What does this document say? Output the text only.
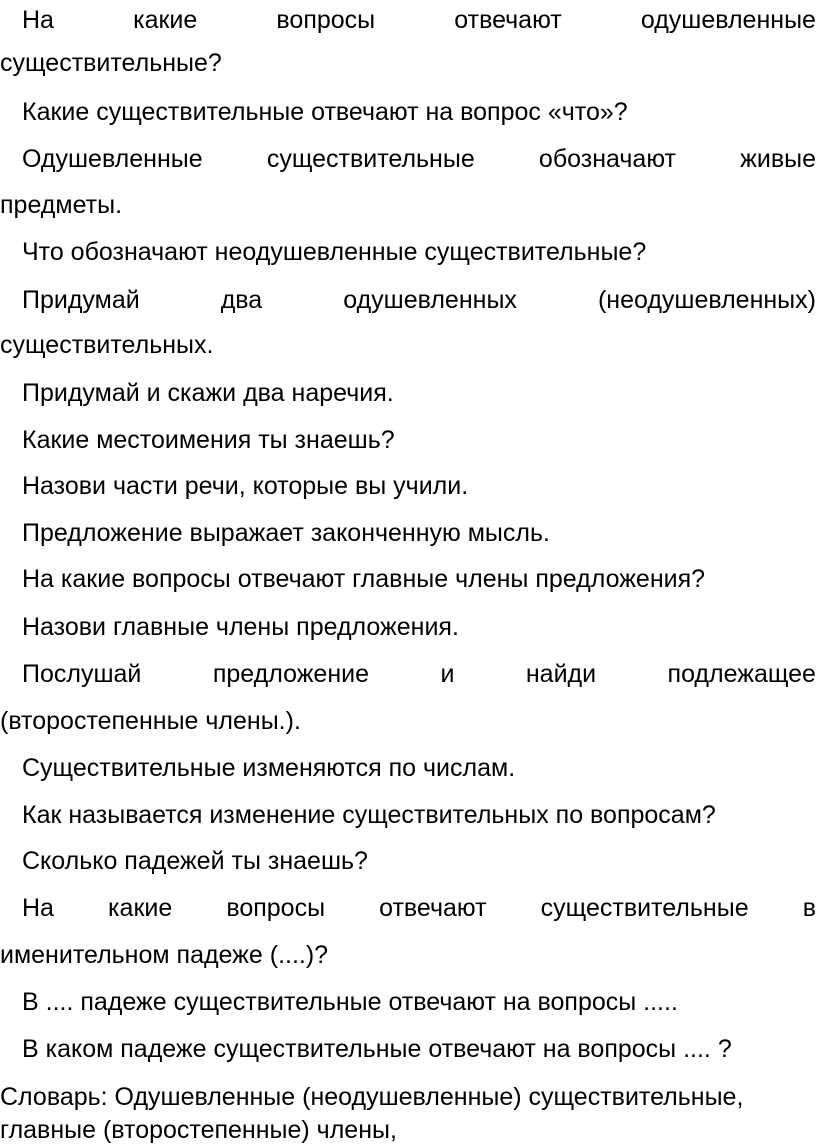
На	какие	вопросы	отвечают	одушевленные
существительные?
Какие существительные отвечают на вопрос «что»?
Одушевленные	существительные	обозначают	живые
предметы.
Что обозначают неодушевленные существительные?
Придумай	два	одушевленных	(неодушевленных)
существительных.
Придумай и скажи два наречия.
Какие местоимения ты знаешь?
Назови части речи, которые вы учили.
Предложение выражает законченную мысль.
На какие вопросы отвечают главные члены предложения?
Назови главные члены предложения.
Послушай	предложение	и	найди	подлежащее
(второстепенные члены.).
Существительные изменяются по числам.
Как называется изменение существительных по вопросам?
Сколько падежей ты знаешь?
На какие вопросы отвечают существительные в
именительном падеже (....)?
В .... падеже существительные отвечают на вопросы .....
В каком падеже существительные отвечают на вопросы .... ?
Словарь: Одушевленные (неодушевленные) существительные,
главные (второстепенные) члены,
